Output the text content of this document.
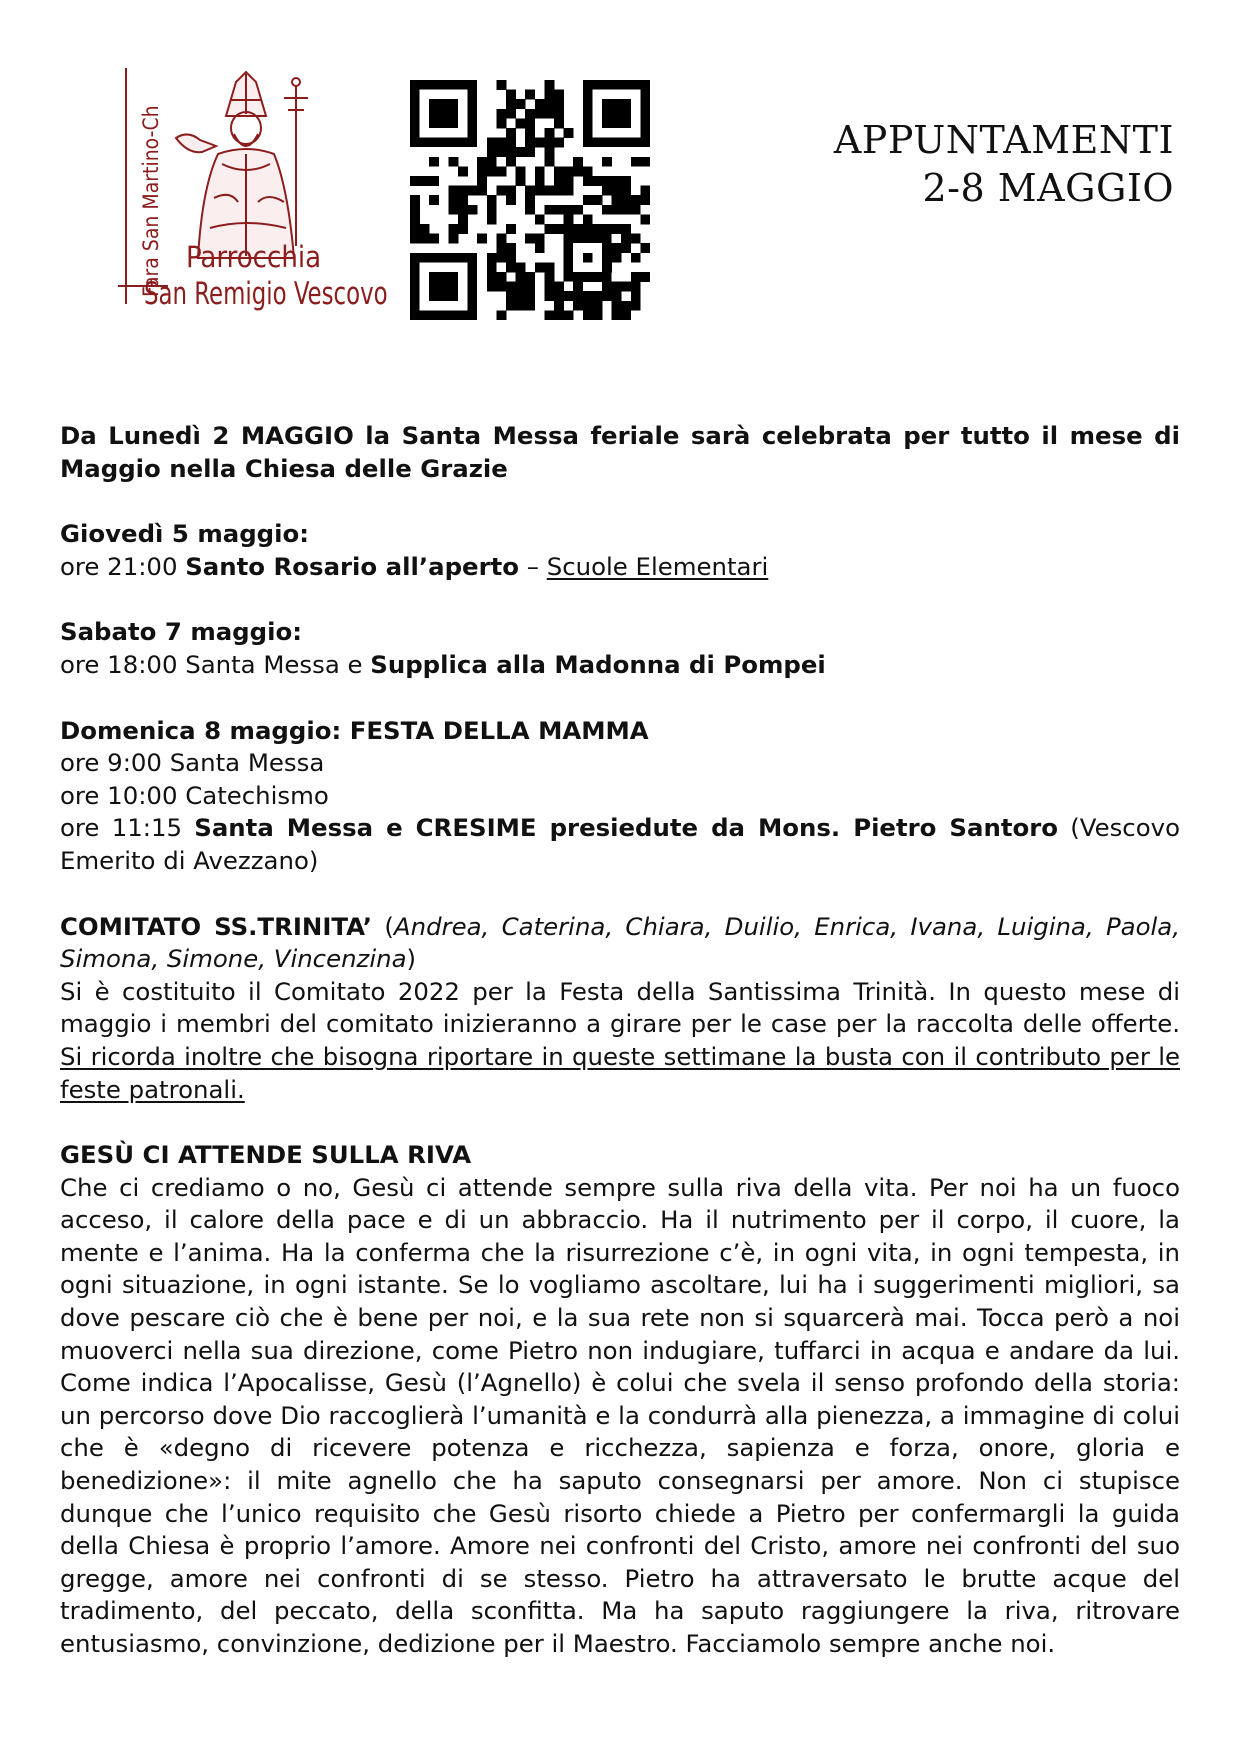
Fara San Martino-Ch Parrocchia
San Remigio Vescovo
APPUNTAMENTI
2-8 MAGGIO

Da Lunedì 2 MAGGIO la Santa Messa feriale sarà celebrata per tutto il mese di Maggio nella Chiesa delle Grazie

Giovedì 5 maggio:

ore 21:00 Santo Rosario all’aperto – Scuole Elementari

Sabato 7 maggio:

ore 18:00 Santa Messa e Supplica alla Madonna di Pompei

Domenica 8 maggio: FESTA DELLA MAMMA

ore 9:00 Santa Messa

ore 10:00 Catechismo

ore 11:15 Santa Messa e CRESIME presiedute da Mons. Pietro Santoro (Vescovo Emerito di Avezzano)

COMITATO SS.TRINITA’ (Andrea, Caterina, Chiara, Duilio, Enrica, Ivana, Luigina, Paola, Simona, Simone, Vincenzina)

Si è costituito il Comitato 2022 per la Festa della Santissima Trinità. In questo mese di maggio i membri del comitato inizieranno a girare per le case per la raccolta delle offerte. Si ricorda inoltre che bisogna riportare in queste settimane la busta con il contributo per le feste patronali.

GESÙ CI ATTENDE SULLA RIVA

Che ci crediamo o no, Gesù ci attende sempre sulla riva della vita. Per noi ha un fuoco acceso, il calore della pace e di un abbraccio. Ha il nutrimento per il corpo, il cuore, la mente e l’anima. Ha la conferma che la risurrezione c’è, in ogni vita, in ogni tempesta, in ogni situazione, in ogni istante. Se lo vogliamo ascoltare, lui ha i suggerimenti migliori, sa dove pescare ciò che è bene per noi, e la sua rete non si squarcerà mai. Tocca però a noi muoverci nella sua direzione, come Pietro non indugiare, tuffarci in acqua e andare da lui. Come indica l’Apocalisse, Gesù (l’Agnello) è colui che svela il senso profondo della storia: un percorso dove Dio raccoglierà l’umanità e la condurrà alla pienezza, a immagine di colui che è «degno di ricevere potenza e ricchezza, sapienza e forza, onore, gloria e benedizione»: il mite agnello che ha saputo consegnarsi per amore. Non ci stupisce dunque che l’unico requisito che Gesù risorto chiede a Pietro per confermargli la guida della Chiesa è proprio l’amore. Amore nei confronti del Cristo, amore nei confronti del suo gregge, amore nei confronti di se stesso. Pietro ha attraversato le brutte acque del tradimento, del peccato, della sconfitta. Ma ha saputo raggiungere la riva, ritrovare entusiasmo, convinzione, dedizione per il Maestro. Facciamolo sempre anche noi.
